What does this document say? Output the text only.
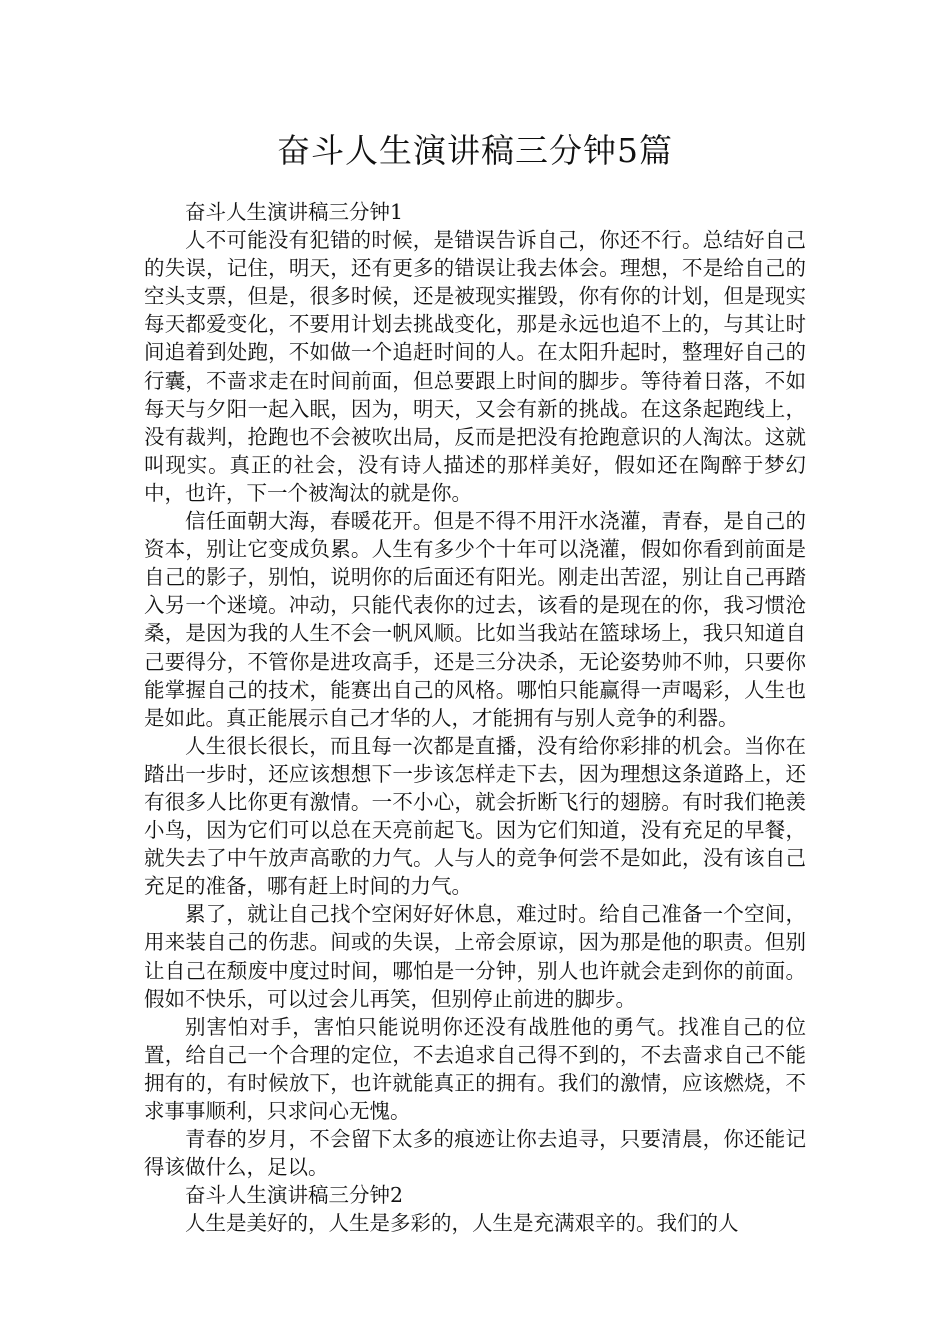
奋斗人生演讲稿三分钟5篇
奋斗人生演讲稿三分钟1

人不可能没有犯错的时候，是错误告诉自己，你还不行。总结好自己的失误，记住，明天，还有更多的错误让我去体会。理想，不是给自己的空头支票，但是，很多时候，还是被现实摧毁，你有你的计划，但是现实每天都爱变化，不要用计划去挑战变化，那是永远也追不上的，与其让时间追着到处跑，不如做一个追赶时间的人。在太阳升起时，整理好自己的行囊，不啬求走在时间前面，但总要跟上时间的脚步。等待着日落，不如每天与夕阳一起入眠，因为，明天，又会有新的挑战。在这条起跑线上，没有裁判，抢跑也不会被吹出局，反而是把没有抢跑意识的人淘汰。这就叫现实。真正的社会，没有诗人描述的那样美好，假如还在陶醉于梦幻中，也许，下一个被淘汰的就是你。

信任面朝大海，春暖花开。但是不得不用汗水浇灌，青春，是自己的资本，别让它变成负累。人生有多少个十年可以浇灌，假如你看到前面是自己的影子，别怕，说明你的后面还有阳光。刚走出苦涩，别让自己再踏入另一个迷境。冲动，只能代表你的过去，该看的是现在的你，我习惯沧桑，是因为我的人生不会一帆风顺。比如当我站在篮球场上，我只知道自己要得分，不管你是进攻高手，还是三分决杀，无论姿势帅不帅，只要你能掌握自己的技术，能赛出自己的风格。哪怕只能赢得一声喝彩，人生也是如此。真正能展示自己才华的人，才能拥有与别人竞争的利器。

人生很长很长，而且每一次都是直播，没有给你彩排的机会。当你在踏出一步时，还应该想想下一步该怎样走下去，因为理想这条道路上，还有很多人比你更有激情。一不小心，就会折断飞行的翅膀。有时我们艳羡小鸟，因为它们可以总在天亮前起飞。因为它们知道，没有充足的早餐，就失去了中午放声高歌的力气。人与人的竞争何尝不是如此，没有该自己充足的准备，哪有赶上时间的力气。

累了，就让自己找个空闲好好休息，难过时。给自己准备一个空间，用来装自己的伤悲。间或的失误，上帝会原谅，因为那是他的职责。但别让自己在颓废中度过时间，哪怕是一分钟，别人也许就会走到你的前面。假如不快乐，可以过会儿再笑，但别停止前进的脚步。

别害怕对手，害怕只能说明你还没有战胜他的勇气。找准自己的位置，给自己一个合理的定位，不去追求自己得不到的，不去啬求自己不能拥有的，有时候放下，也许就能真正的拥有。我们的激情，应该燃烧，不求事事顺利，只求问心无愧。

青春的岁月，不会留下太多的痕迹让你去追寻，只要清晨，你还能记得该做什么，足以。

奋斗人生演讲稿三分钟2

人生是美好的，人生是多彩的，人生是充满艰辛的。我们的人
